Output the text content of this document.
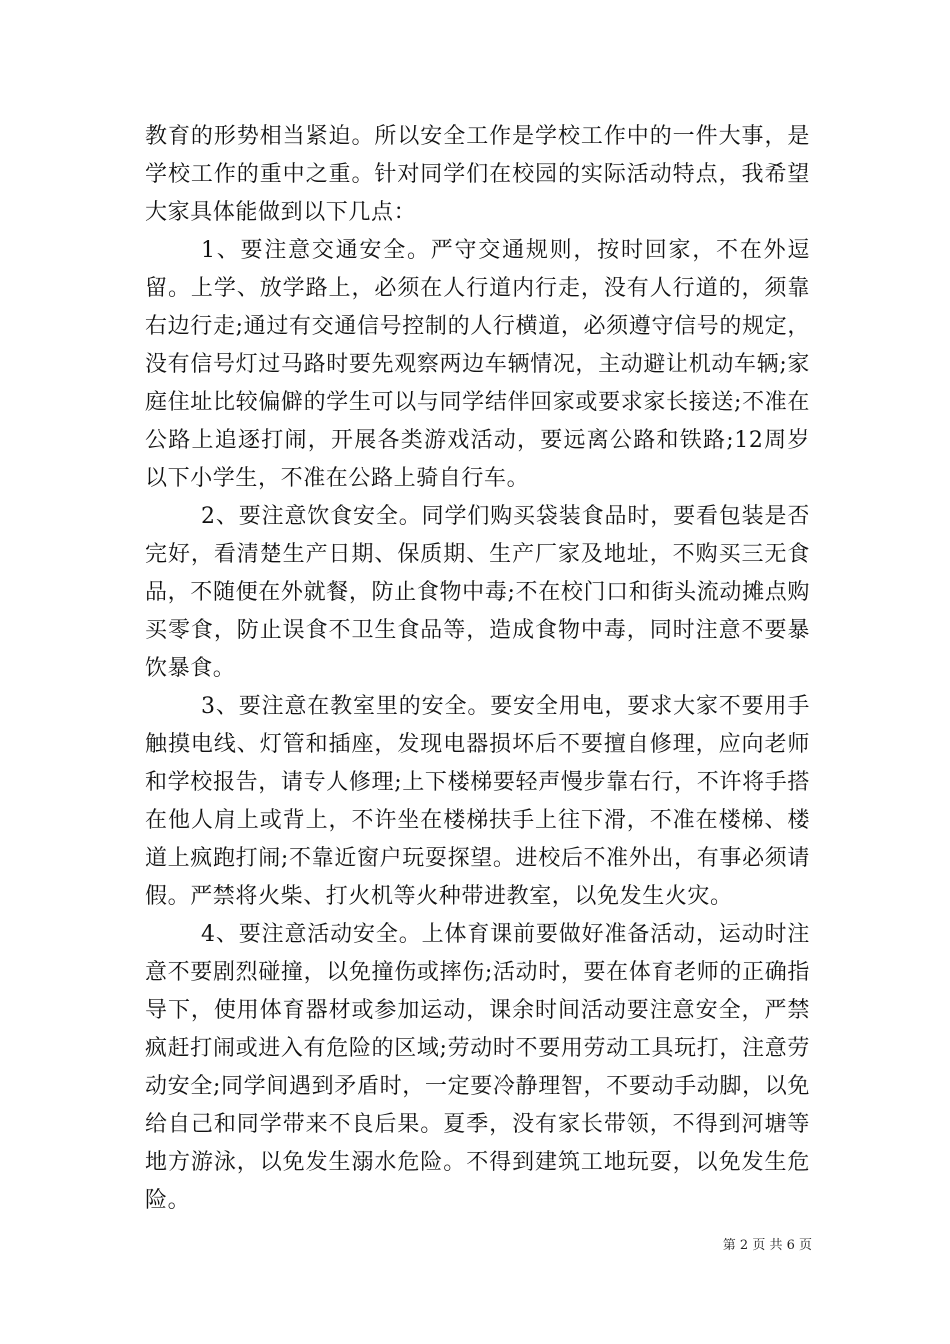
教育的形势相当紧迫。所以安全工作是学校工作中的一件大事，是学校工作的重中之重。针对同学们在校园的实际活动特点，我希望大家具体能做到以下几点：

1、要注意交通安全。严守交通规则，按时回家，不在外逗留。上学、放学路上，必须在人行道内行走，没有人行道的，须靠右边行走;通过有交通信号控制的人行横道，必须遵守信号的规定，没有信号灯过马路时要先观察两边车辆情况，主动避让机动车辆;家庭住址比较偏僻的学生可以与同学结伴回家或要求家长接送;不准在公路上追逐打闹，开展各类游戏活动，要远离公路和铁路;12周岁以下小学生，不准在公路上骑自行车。

2、要注意饮食安全。同学们购买袋装食品时，要看包装是否完好，看清楚生产日期、保质期、生产厂家及地址，不购买三无食品，不随便在外就餐，防止食物中毒;不在校门口和街头流动摊点购买零食，防止误食不卫生食品等，造成食物中毒，同时注意不要暴饮暴食。

3、要注意在教室里的安全。要安全用电，要求大家不要用手触摸电线、灯管和插座，发现电器损坏后不要擅自修理，应向老师和学校报告，请专人修理;上下楼梯要轻声慢步靠右行，不许将手搭在他人肩上或背上，不许坐在楼梯扶手上往下滑，不准在楼梯、楼道上疯跑打闹;不靠近窗户玩耍探望。进校后不准外出，有事必须请假。严禁将火柴、打火机等火种带进教室，以免发生火灾。

4、要注意活动安全。上体育课前要做好准备活动，运动时注意不要剧烈碰撞，以免撞伤或摔伤;活动时，要在体育老师的正确指导下，使用体育器材或参加运动，课余时间活动要注意安全，严禁疯赶打闹或进入有危险的区域;劳动时不要用劳动工具玩打，注意劳动安全;同学间遇到矛盾时，一定要冷静理智，不要动手动脚，以免给自己和同学带来不良后果。夏季，没有家长带领，不得到河塘等地方游泳，以免发生溺水危险。不得到建筑工地玩耍，以免发生危险。

第 2 页 共 6 页
